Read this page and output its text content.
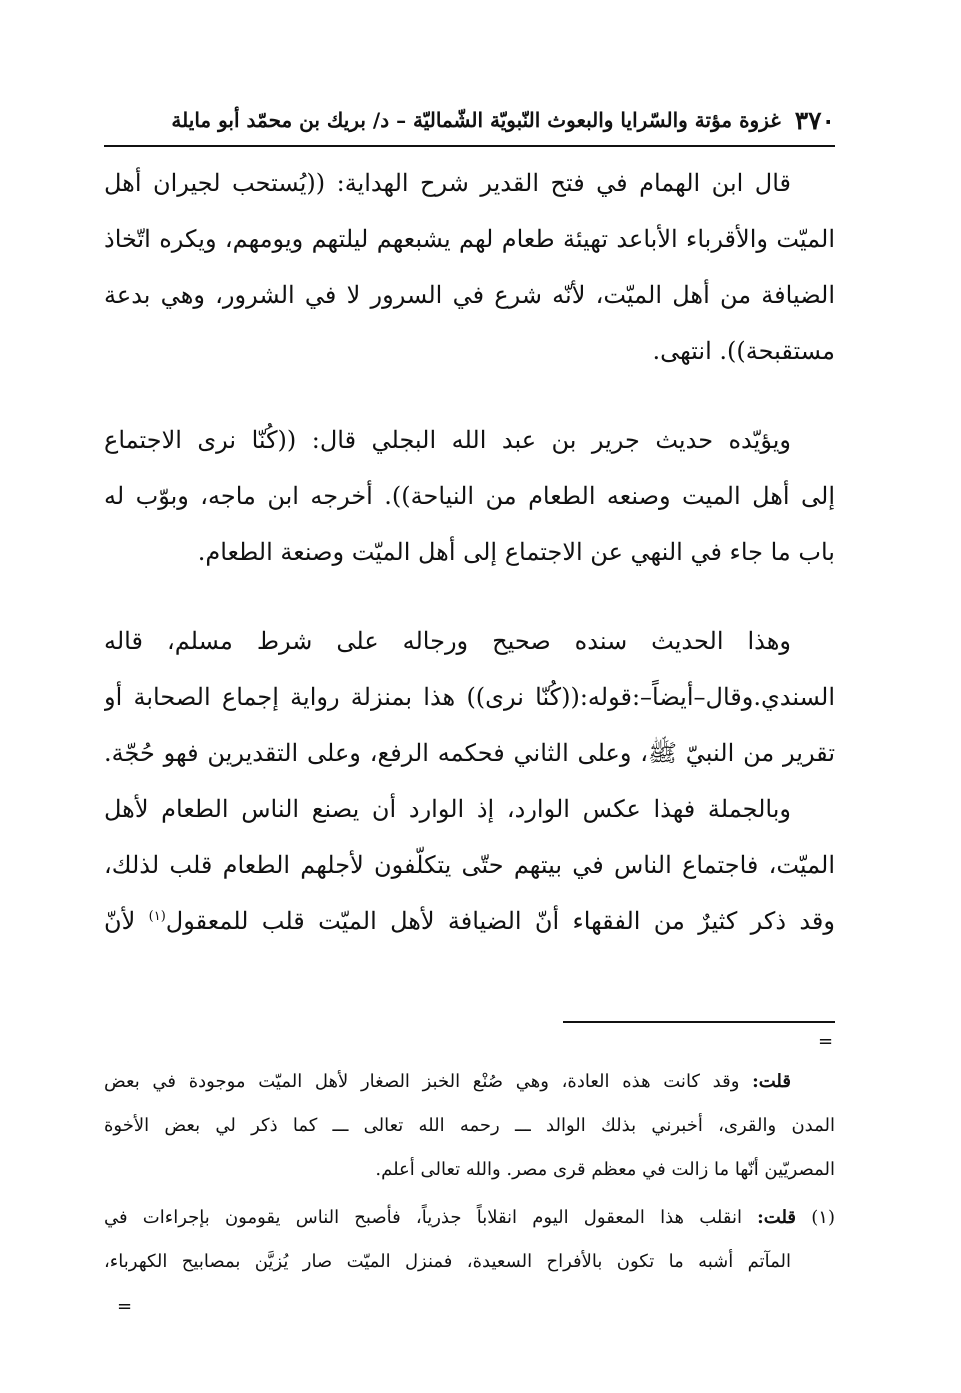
٣٧٠
غزوة مؤتة والسّرايا والبعوث النّبويّة الشّماليّة – د/ بريك بن محمّد أبو مايلة
قال ابن الهمام في فتح القدير شرح الهداية: ((يُستحب لجيران أهل
الميّت والأقرباء الأباعد تهيئة طعام لهم يشبعهم ليلتهم ويومهم، ويكره اتّخاذ
الضيافة من أهل الميّت، لأنّه شرع في السرور لا في الشرور، وهي بدعة
مستقبحة)). انتهى.
ويؤيّده حديث جرير بن عبد الله البجلي قال: ((كُنّا نرى الاجتماع
إلى أهل الميت وصنعه الطعام من النياحة)). أخرجه ابن ماجه، وبوّب له
باب ما جاء في النهي عن الاجتماع إلى أهل الميّت وصنعة الطعام.
وهذا الحديث سنده صحيح ورجاله على شرط مسلم، قاله
السندي.وقال–أيضاً–:قوله:((كُنّا نرى)) هذا بمنزلة رواية إجماع الصحابة أو
تقرير من النبيّ ﷺ، وعلى الثاني فحكمه الرفع، وعلى التقديرين فهو حُجّة.
وبالجملة فهذا عكس الوارد، إذ الوارد أن يصنع الناس الطعام لأهل
الميّت، فاجتماع الناس في بيتهم حتّى يتكلّفون لأجلهم الطعام قلب لذلك،
وقد ذكر كثيرٌ من الفقهاء أنّ الضيافة لأهل الميّت قلب للمعقول$^{(١)}$ لأنّ
=
قلت: وقد كانت هذه العادة، وهي صُنْع الخبز الصغار لأهل الميّت موجودة في بعض
المدن والقرى، أخبرني بذلك الوالد ـــ رحمه الله تعالى ـــ كما ذكر لي بعض الأخوة
المصريّين أنّها ما زالت في معظم قرى مصر. والله تعالى أعلم.
(١) قلت: انقلب هذا المعقول اليوم انقلاباً جذرياً، فأصبح الناس يقومون بإجراءات في
المآتم أشبه ما تكون بالأفراح السعيدة، فمنزل الميّت صار يُزيَّن بمصابيح الكهرباء،
=
